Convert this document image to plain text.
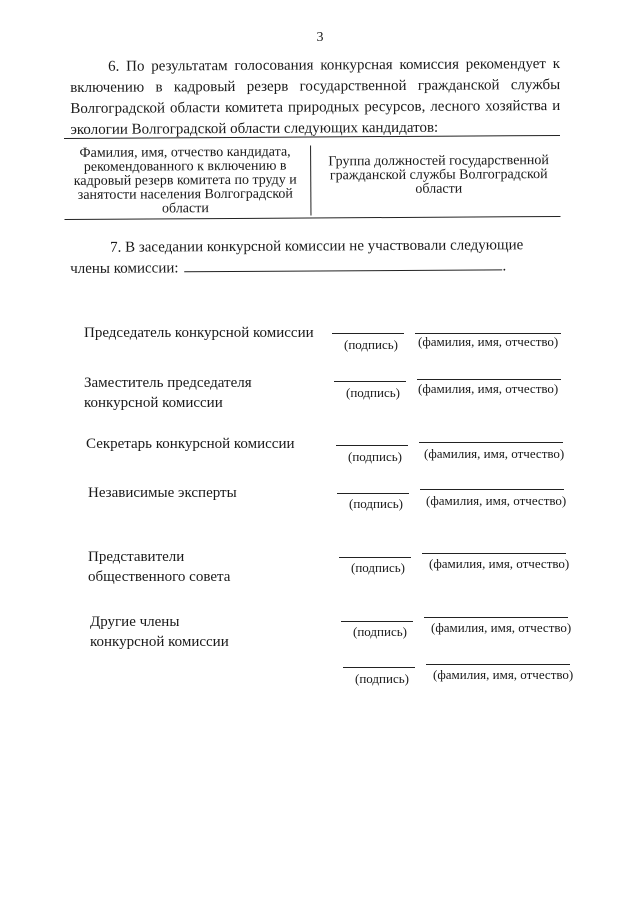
3
6. По результатам голосования конкурсная комиссия рекомендует к включению в кадровый резерв государственной гражданской службы Волгоградской области комитета природных ресурсов, лесного хозяйства и экологии Волгоградской области следующих кандидатов:
Фамилия, имя, отчество кандидата, рекомендованного к включению в кадровый резерв комитета по труду и занятости населения Волгоградской области
Группа должностей государственной гражданской службы Волгоградской области
7. В заседании конкурсной комиссии не участвовали следующие
члены комиссии:	.
Председатель конкурсной комиссии
(подпись) (фамилия, имя, отчество)
Заместитель председателя
конкурсной комиссии
(подпись) (фамилия, имя, отчество)
Секретарь конкурсной комиссии
(подпись) (фамилия, имя, отчество)
Независимые эксперты
(подпись) (фамилия, имя, отчество)
Представители
общественного совета
(подпись) (фамилия, имя, отчество)
Другие члены
конкурсной комиссии
(подпись) (фамилия, имя, отчество)
(подпись) (фамилия, имя, отчество)
